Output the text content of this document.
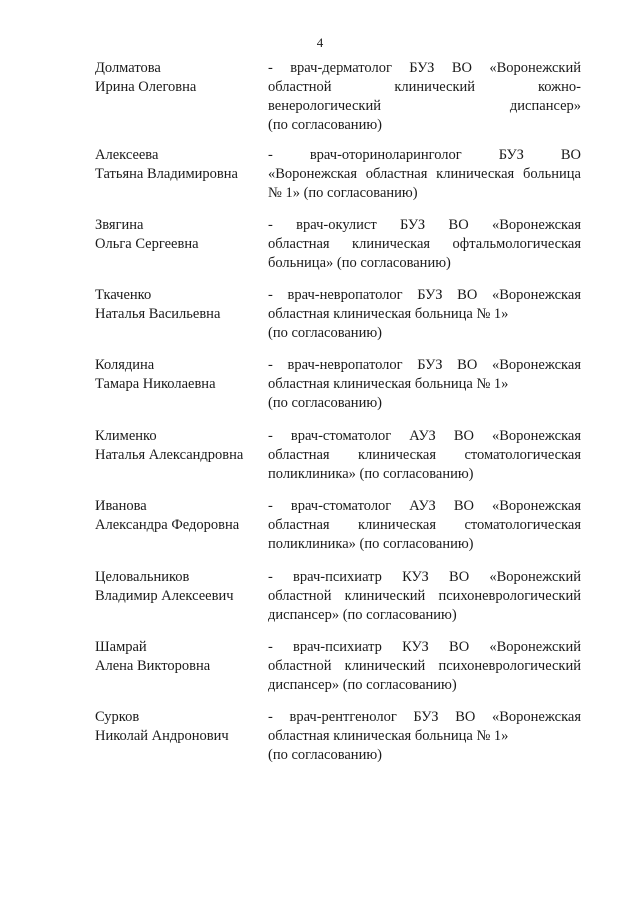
4
Долматова
Ирина Олеговна
- врач-дерматолог БУЗ ВО «Воронежский
областной клинический кожно-
венерологический диспансер»
(по согласованию)
Алексеева
Татьяна Владимировна
- врач-оториноларинголог БУЗ ВО
«Воронежская областная клиническая больница
№ 1» (по согласованию)
Звягина
Ольга Сергеевна
- врач-окулист БУЗ ВО «Воронежская
областная клиническая офтальмологическая
больница» (по согласованию)
Ткаченко
Наталья Васильевна
- врач-невропатолог БУЗ ВО «Воронежская
областная клиническая больница № 1»
(по согласованию)
Колядина
Тамара Николаевна
- врач-невропатолог БУЗ ВО «Воронежская
областная клиническая больница № 1»
(по согласованию)
Клименко
Наталья Александровна
- врач-стоматолог АУЗ ВО «Воронежская
областная клиническая стоматологическая
поликлиника» (по согласованию)
Иванова
Александра Федоровна
- врач-стоматолог АУЗ ВО «Воронежская
областная клиническая стоматологическая
поликлиника» (по согласованию)
Целовальников
Владимир Алексеевич
- врач-психиатр КУЗ ВО «Воронежский
областной клинический психоневрологический
диспансер» (по согласованию)
Шамрай
Алена Викторовна
- врач-психиатр КУЗ ВО «Воронежский
областной клинический психоневрологический
диспансер» (по согласованию)
Сурков
Николай Андронович
- врач-рентгенолог БУЗ ВО «Воронежская
областная клиническая больница № 1»
(по согласованию)
